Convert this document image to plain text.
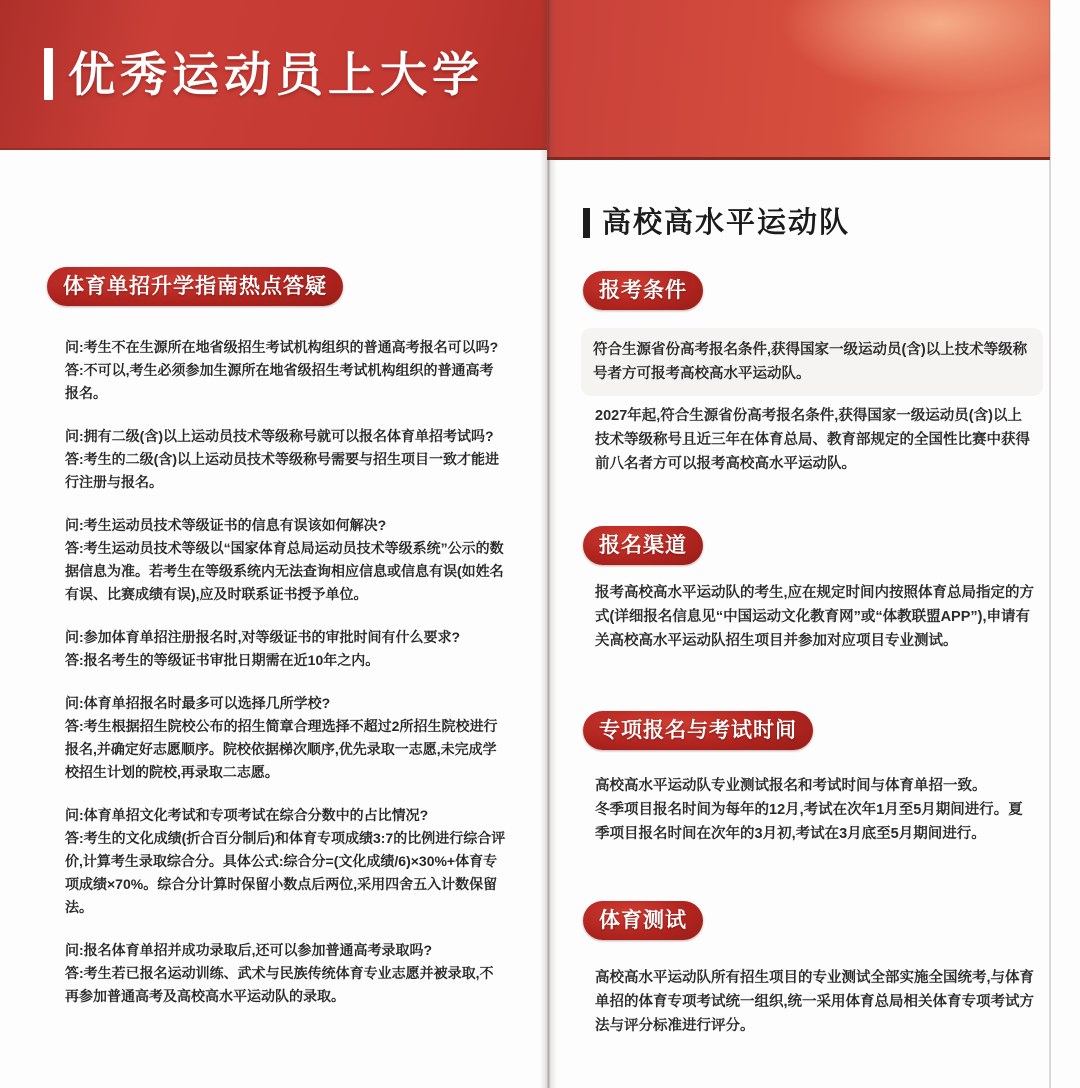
优秀运动员上大学
体育单招升学指南热点答疑
问:考生不在生源所在地省级招生考试机构组织的普通高考报名可以吗?
答:不可以,考生必须参加生源所在地省级招生考试机构组织的普通高考报名。
问:拥有二级(含)以上运动员技术等级称号就可以报名体育单招考试吗?
答:考生的二级(含)以上运动员技术等级称号需要与招生项目一致才能进行注册与报名。
问:考生运动员技术等级证书的信息有误该如何解决?
答:考生运动员技术等级以“国家体育总局运动员技术等级系统”公示的数据信息为准。若考生在等级系统内无法查询相应信息或信息有误(如姓名有误、比赛成绩有误),应及时联系证书授予单位。
问:参加体育单招注册报名时,对等级证书的审批时间有什么要求?
答:报名考生的等级证书审批日期需在近10年之内。
问:体育单招报名时最多可以选择几所学校?
答:考生根据招生院校公布的招生简章合理选择不超过2所招生院校进行报名,并确定好志愿顺序。院校依据梯次顺序,优先录取一志愿,未完成学校招生计划的院校,再录取二志愿。
问:体育单招文化考试和专项考试在综合分数中的占比情况?
答:考生的文化成绩(折合百分制后)和体育专项成绩3:7的比例进行综合评价,计算考生录取综合分。具体公式:综合分=(文化成绩/6)×30%+体育专项成绩×70%。综合分计算时保留小数点后两位,采用四舍五入计数保留法。
问:报名体育单招并成功录取后,还可以参加普通高考录取吗?
答:考生若已报名运动训练、武术与民族传统体育专业志愿并被录取,不再参加普通高考及高校高水平运动队的录取。
高校高水平运动队
报考条件

符合生源省份高考报名条件,获得国家一级运动员(含)以上技术等级称号者方可报考高校高水平运动队。

2027年起,符合生源省份高考报名条件,获得国家一级运动员(含)以上技术等级称号且近三年在体育总局、教育部规定的全国性比赛中获得前八名者方可以报考高校高水平运动队。

报名渠道

报考高校高水平运动队的考生,应在规定时间内按照体育总局指定的方式(详细报名信息见“中国运动文化教育网”或“体教联盟APP”),申请有关高校高水平运动队招生项目并参加对应项目专业测试。

专项报名与考试时间

高校高水平运动队专业测试报名和考试时间与体育单招一致。

冬季项目报名时间为每年的12月,考试在次年1月至5月期间进行。夏季项目报名时间在次年的3月初,考试在3月底至5月期间进行。

体育测试

高校高水平运动队所有招生项目的专业测试全部实施全国统考,与体育单招的体育专项考试统一组织,统一采用体育总局相关体育专项考试方法与评分标准进行评分。
